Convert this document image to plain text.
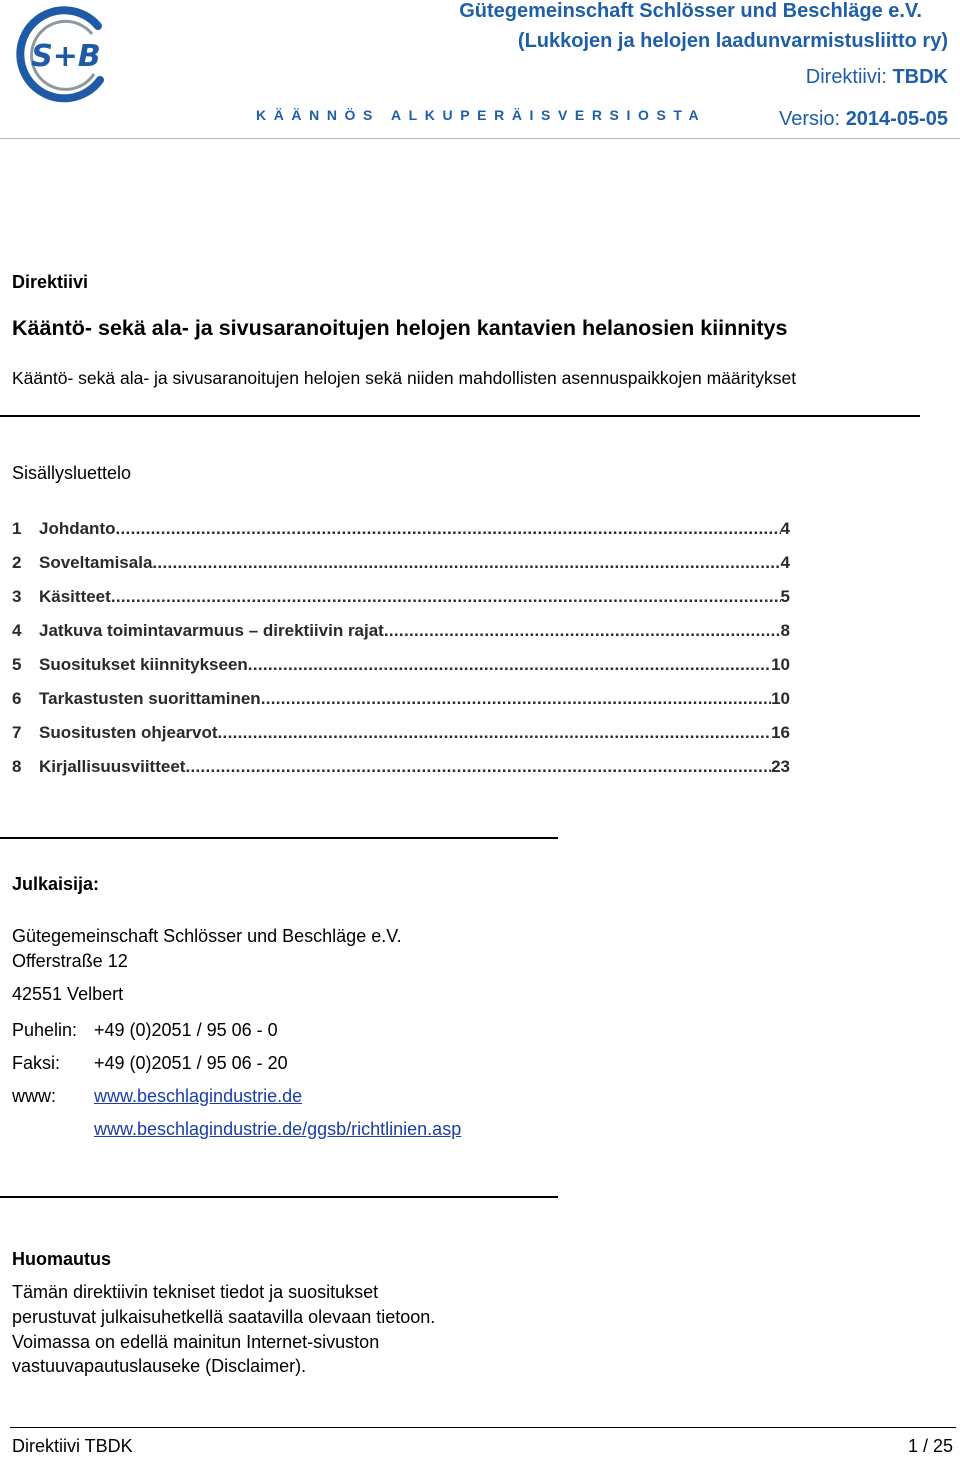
S+B
Gütegemeinschaft Schlösser und Beschläge e.V.
(Lukkojen ja helojen laadunvarmistusliitto ry)
Direktiivi: TBDK
KÄÄNNÖS ALKUPERÄISVERSIOSTA	Versio: 2014-05-05
Direktiivi
Kääntö- sekä ala- ja sivusaranoitujen helojen kantavien helanosien kiinnitys
Kääntö- sekä ala- ja sivusaranoitujen helojen sekä niiden mahdollisten asennuspaikkojen määritykset
Sisällysluettelo
1	Johdanto .....	4
2	Soveltamisala .....	4
3	Käsitteet .....	5
4	Jatkuva toimintavarmuus – direktiivin rajat .....	8
5	Suositukset kiinnitykseen .....	10
6	Tarkastusten suorittaminen .....	10
7	Suositusten ohjearvot .....	16
8	Kirjallisuusviitteet .....	23
Julkaisija:
Gütegemeinschaft Schlösser und Beschläge e.V.
Offerstraße 12
42551 Velbert
Puhelin: +49 (0)2051 / 95 06 - 0
Faksi: +49 (0)2051 / 95 06 - 20
www: www.beschlagindustrie.de
www.beschlagindustrie.de/ggsb/richtlinien.asp
Huomautus
Tämän direktiivin tekniset tiedot ja suositukset
perustuvat julkaisuhetkellä saatavilla olevaan tietoon.
Voimassa on edellä mainitun Internet-sivuston
vastuuvapautuslauseke (Disclaimer).
Direktiivi TBDK	1 / 25
